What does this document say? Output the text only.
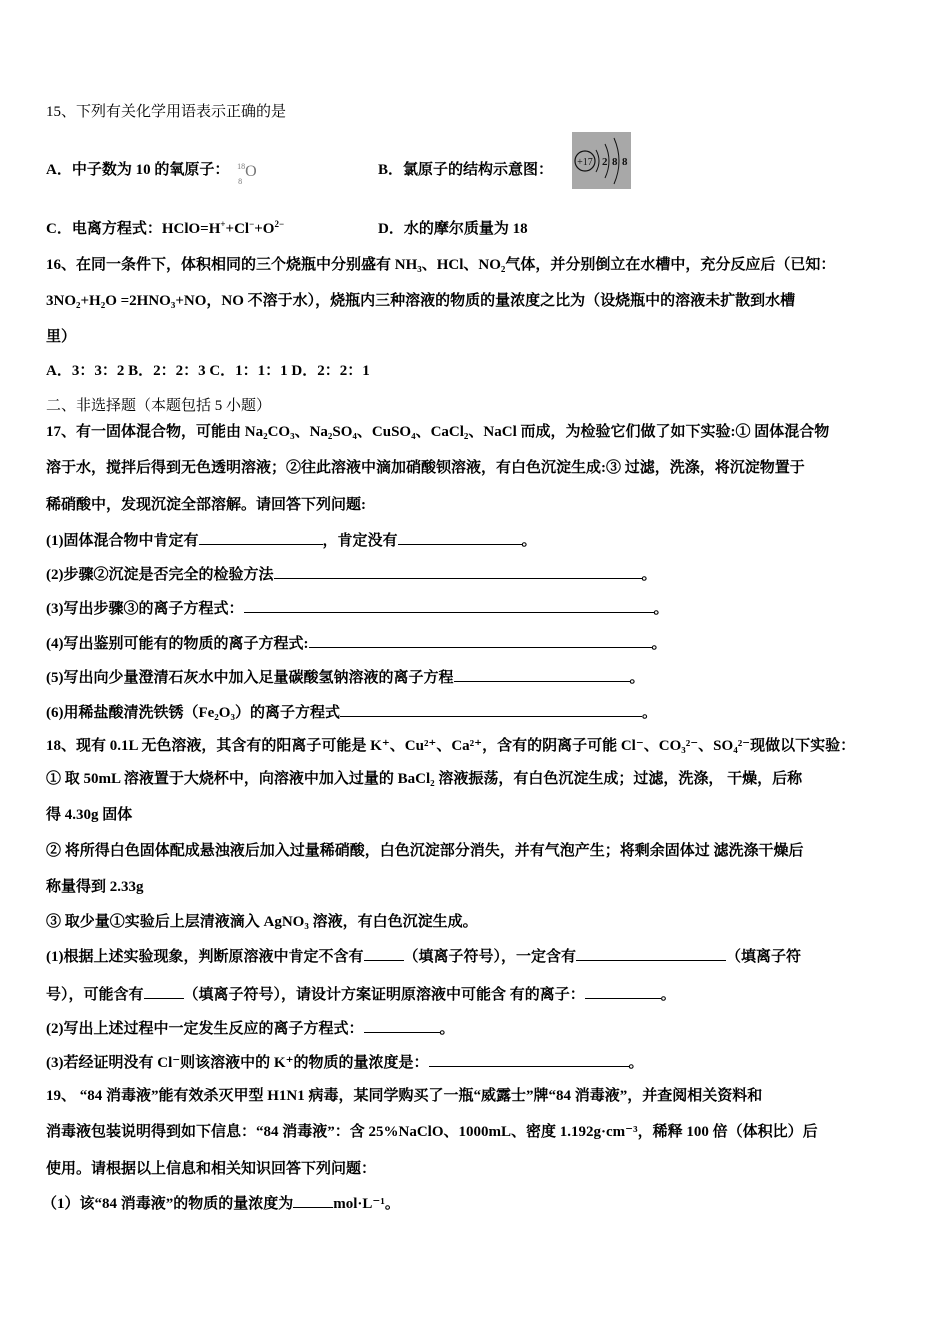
15、下列有关化学用语表示正确的是
A．中子数为 10 的氧原子： 18
8
O	B．氯原子的结构示意图： +17 2 8 8
C．电离方程式：$HClO=H^++Cl^-+O^{2-}$	D．水的摩尔质量为 18
16、在同一条件下，体积相同的三个烧瓶中分别盛有 NH₃、HCl、NO₂气体，并分别倒立在水槽中，充分反应后（已知：
3NO₂+H₂O =2HNO₃+NO，NO 不溶于水），烧瓶内三种溶液的物质的量浓度之比为（设烧瓶中的溶液未扩散到水槽
里）
A．3：3：2 B．2：2：3 C．1：1：1 D．2：2：1
二、非选择题（本题包括 5 小题）
17、有一固体混合物，可能由 Na₂CO₃、Na₂SO₄、CuSO₄、CaCl₂、NaCl 而成，为检验它们做了如下实验:① 固体混合物
溶于水，搅拌后得到无色透明溶液；②往此溶液中滴加硝酸钡溶液，有白色沉淀生成:③ 过滤，洗涤，将沉淀物置于
稀硝酸中，发现沉淀全部溶解。请回答下列问题:
(1)固体混合物中肯定有	，肯定没有	。
(2)步骤②沉淀是否完全的检验方法	。
(3)写出步骤③的离子方程式：	。
(4)写出鉴别可能有的物质的离子方程式:	。
(5)写出向少量澄清石灰水中加入足量碳酸氢钠溶液的离子方程	。
(6)用稀盐酸清洗铁锈（Fe₂O₃）的离子方程式	。
18、现有 0.1L 无色溶液，其含有的阳离子可能是 K⁺、Cu²⁺、Ca²⁺，含有的阴离子可能 Cl⁻、CO₃²⁻、SO₄²⁻现做以下实验：
① 取 50mL 溶液置于大烧杯中，向溶液中加入过量的 BaCl₂ 溶液振荡，有白色沉淀生成；过滤，洗涤， 干燥，后称
得 4.30g 固体
② 将所得白色固体配成悬浊液后加入过量稀硝酸，白色沉淀部分消失，并有气泡产生；将剩余固体过 滤洗涤干燥后
称量得到 2.33g
③ 取少量①实验后上层清液滴入 AgNO₃ 溶液，有白色沉淀生成。
(1)根据上述实验现象，判断原溶液中肯定不含有	（填离子符号），一定含有	（填离子符
号），可能含有	（填离子符号），请设计方案证明原溶液中可能含 有的离子：	。
(2)写出上述过程中一定发生反应的离子方程式：	。
(3)若经证明没有 Cl⁻则该溶液中的 K⁺的物质的量浓度是：	。
19、 “84 消毒液”能有效杀灭甲型 H1N1 病毒，某同学购买了一瓶“威露士”牌“84 消毒液”，并查阅相关资料和
消毒液包装说明得到如下信息：“84 消毒液”：含 25%NaClO、1000mL、密度 1.192g·cm⁻³，稀释 100 倍（体积比）后
使用。请根据以上信息和相关知识回答下列问题：
（1）该“84 消毒液”的物质的量浓度为	mol·L⁻¹。
